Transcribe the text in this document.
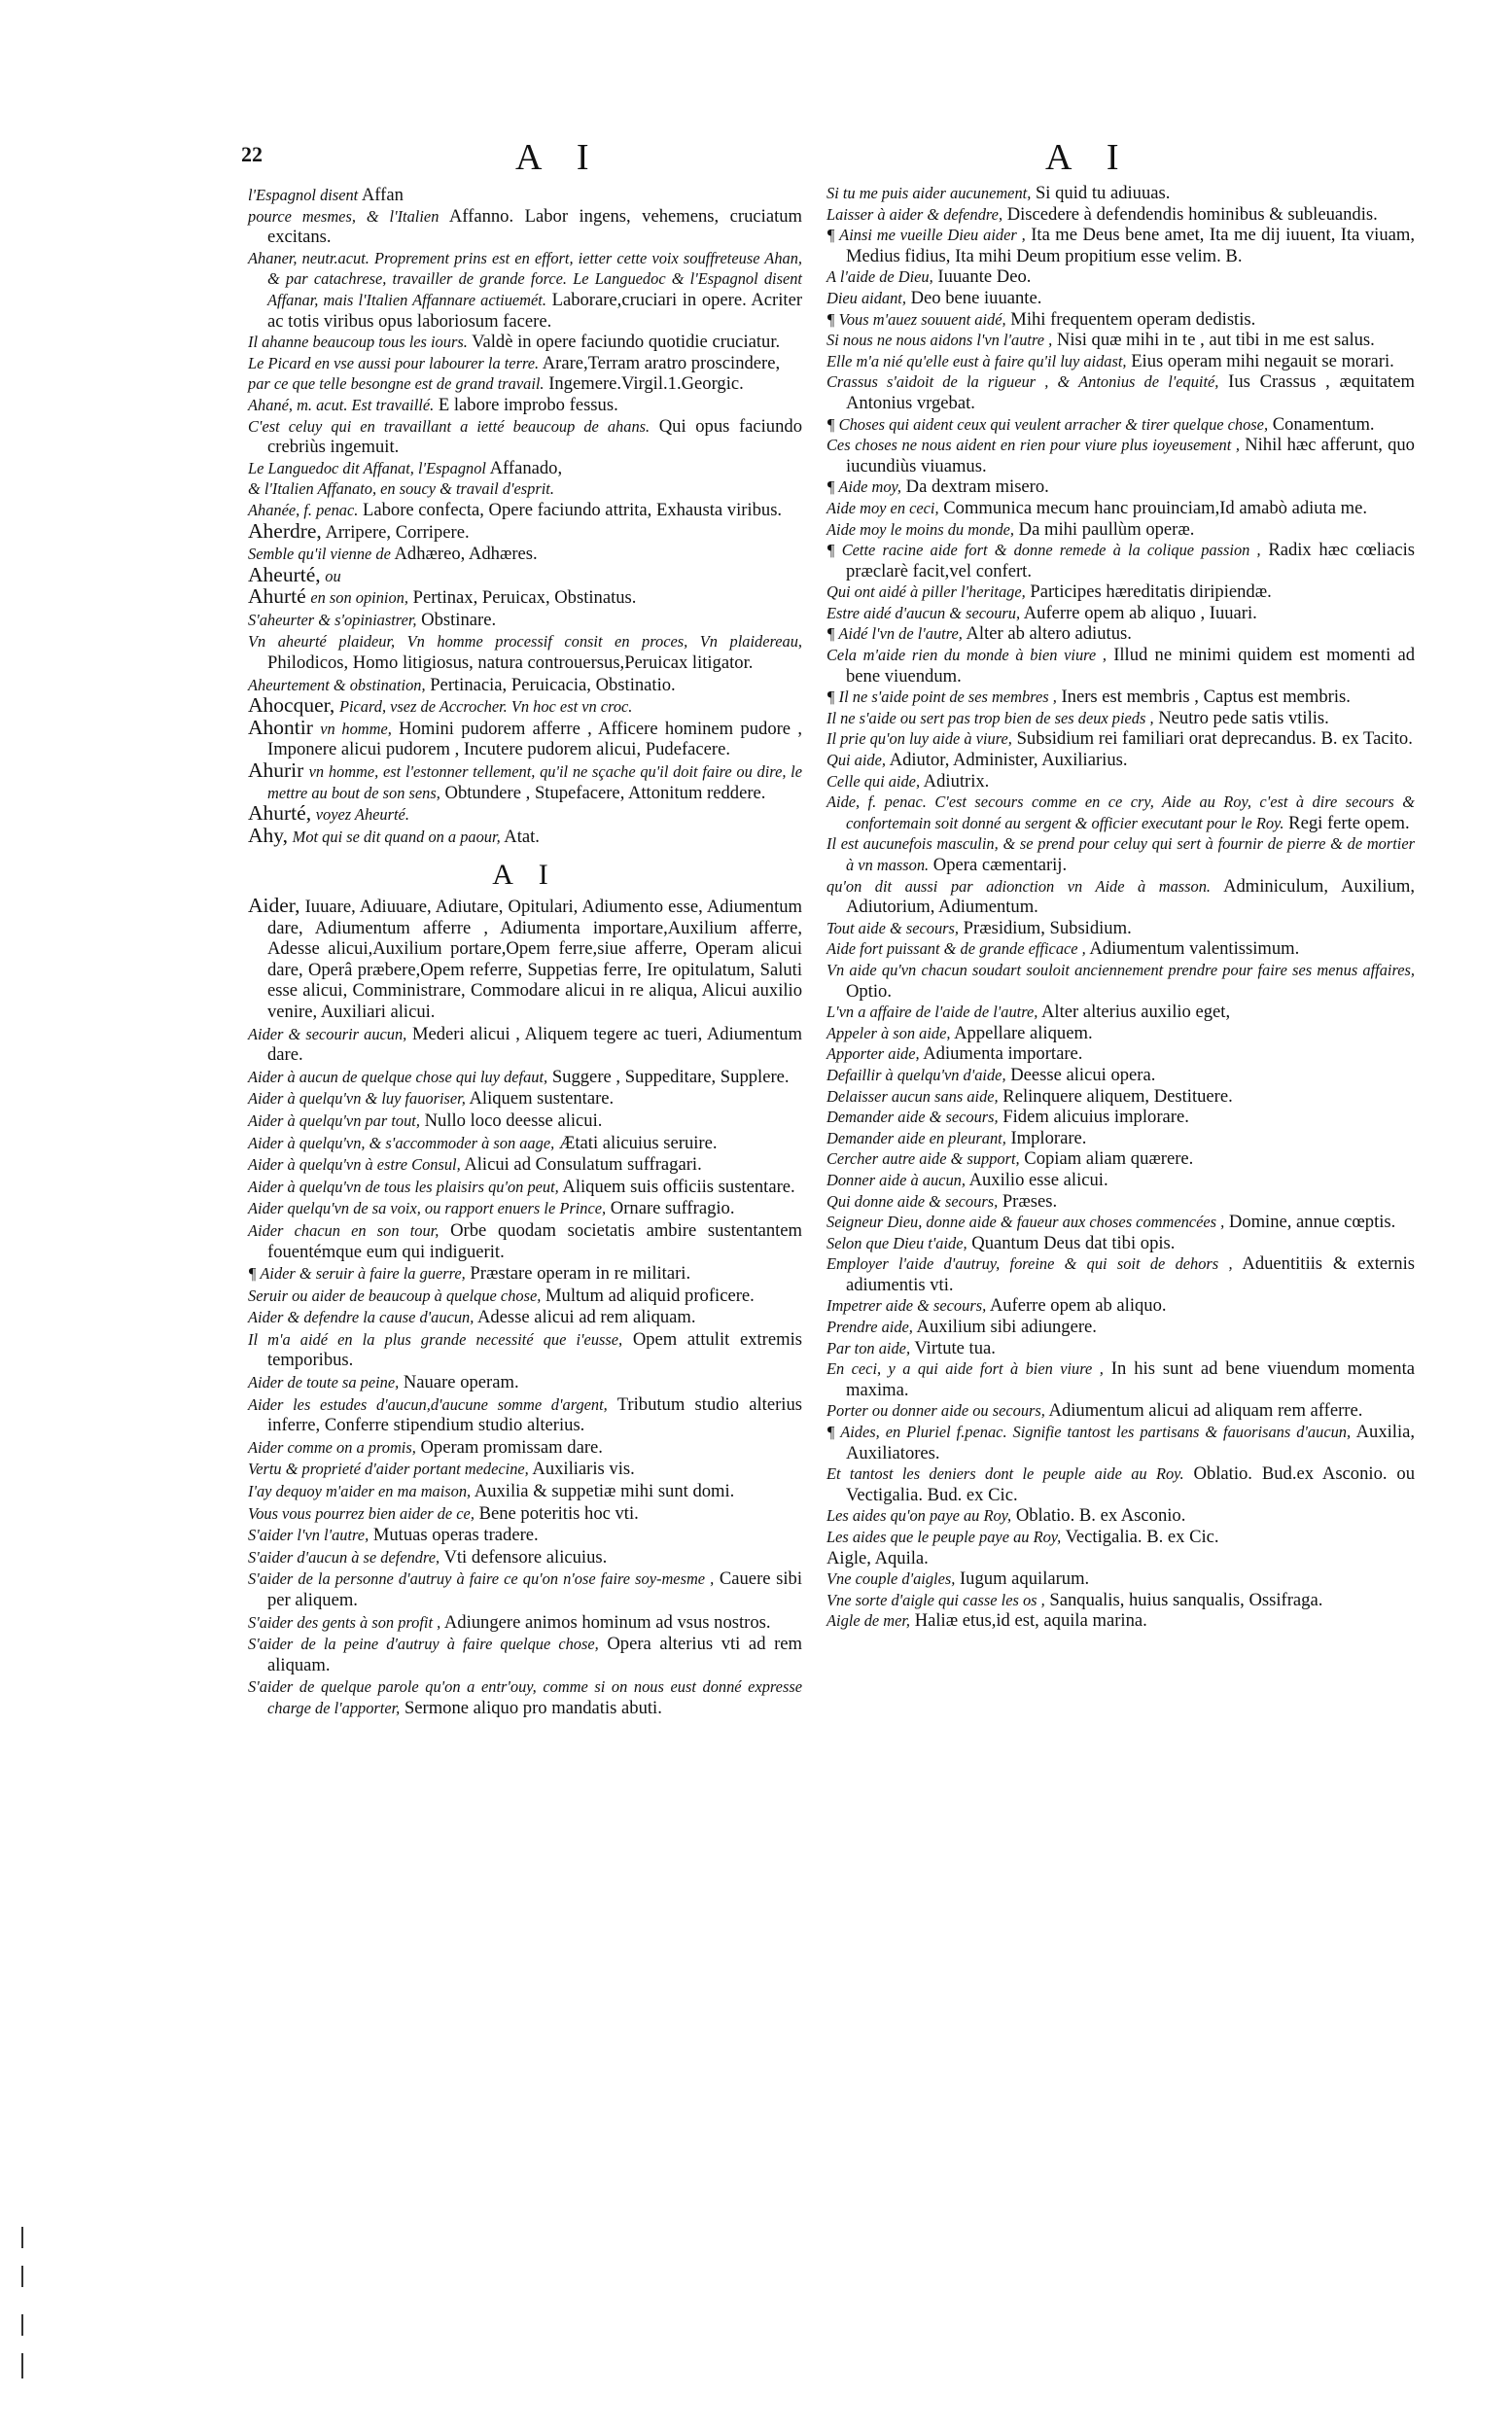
22	A I	A I

l'Espagnol disent Affan

pource mesmes, & l'Italien Affanno. Labor ingens, vehemens, cruciatum excitans.

Ahaner, neutr.acut. Proprement prins est en effort, ietter cette voix souffreteuse Ahan, & par catachrese, travailler de grande force. Le Languedoc & l'Espagnol disent Affanar, mais l'Italien Affannare actiuemét. Laborare,cruciari in opere. Acriter ac totis viribus opus laboriosum facere.

Il ahanne beaucoup tous les iours. Valdè in opere faciundo quotidie cruciatur.

Le Picard en vse aussi pour labourer la terre. Arare,Terram aratro proscindere,

par ce que telle besongne est de grand travail. Ingemere.Virgil.1.Georgic.

Ahané, m. acut. Est travaillé. E labore improbo fessus.

C'est celuy qui en travaillant a ietté beaucoup de ahans. Qui opus faciundo crebriùs ingemuit.

Le Languedoc dit Affanat, l'Espagnol Affanado,

& l'Italien Affanato, en soucy & travail d'esprit.

Ahanée, f. penac. Labore confecta, Opere faciundo attrita, Exhausta viribus.

Aherdre, Arripere, Corripere.

Semble qu'il vienne de Adhæreo, Adhæres.

Aheurté, ou

Ahurté en son opinion, Pertinax, Peruicax, Obstinatus.

S'aheurter & s'opiniastrer, Obstinare.

Vn aheurté plaideur, Vn homme processif consit en proces, Vn plaidereau, Philodicos, Homo litigiosus, natura controuersus,Peruicax litigator.

Aheurtement & obstination, Pertinacia, Peruicacia, Obstinatio.

Ahocquer, Picard, vsez de Accrocher. Vn hoc est vn croc.

Ahontir vn homme, Homini pudorem afferre , Afficere hominem pudore , Imponere alicui pudorem , Incutere pudorem alicui, Pudefacere.

Ahurir vn homme, est l'estonner tellement, qu'il ne sçache qu'il doit faire ou dire, le mettre au bout de son sens, Obtundere , Stupefacere, Attonitum reddere.

Ahurté, voyez Aheurté.

Ahy, Mot qui se dit quand on a paour, Atat.

A I

Aider, Iuuare, Adiuuare, Adiutare, Opitulari, Adiumento esse, Adiumentum dare, Adiumentum afferre , Adiumenta importare,Auxilium afferre, Adesse alicui,Auxilium portare,Opem ferre,siue afferre, Operam alicui dare, Operâ præbere,Opem referre, Suppetias ferre, Ire opitulatum, Saluti esse alicui, Comministrare, Commodare alicui in re aliqua, Alicui auxilio venire, Auxiliari alicui.

Aider & secourir aucun, Mederi alicui , Aliquem tegere ac tueri, Adiumentum dare.

Aider à aucun de quelque chose qui luy defaut, Suggere , Suppeditare, Supplere.

Aider à quelqu'vn & luy fauoriser, Aliquem sustentare.

Aider à quelqu'vn par tout, Nullo loco deesse alicui.

Aider à quelqu'vn, & s'accommoder à son aage, Ætati alicuius seruire.

Aider à quelqu'vn à estre Consul, Alicui ad Consulatum suffragari.

Aider à quelqu'vn de tous les plaisirs qu'on peut, Aliquem suis officiis sustentare.

Aider quelqu'vn de sa voix, ou rapport enuers le Prince, Ornare suffragio.

Aider chacun en son tour, Orbe quodam societatis ambire sustentantem fouentémque eum qui indiguerit.

¶ Aider & seruir à faire la guerre, Præstare operam in re militari.

Seruir ou aider de beaucoup à quelque chose, Multum ad aliquid proficere.

Aider & defendre la cause d'aucun, Adesse alicui ad rem aliquam.

Il m'a aidé en la plus grande necessité que i'eusse, Opem attulit extremis temporibus.

Aider de toute sa peine, Nauare operam.

Aider les estudes d'aucun,d'aucune somme d'argent, Tributum studio alterius inferre, Conferre stipendium studio alterius.

Aider comme on a promis, Operam promissam dare.

Vertu & proprieté d'aider portant medecine, Auxiliaris vis.

I'ay dequoy m'aider en ma maison, Auxilia & suppetiæ mihi sunt domi.

Vous vous pourrez bien aider de ce, Bene poteritis hoc vti.

S'aider l'vn l'autre, Mutuas operas tradere.

S'aider d'aucun à se defendre, Vti defensore alicuius.

S'aider de la personne d'autruy à faire ce qu'on n'ose faire soy-mesme , Cauere sibi per aliquem.

S'aider des gents à son profit , Adiungere animos hominum ad vsus nostros.

S'aider de la peine d'autruy à faire quelque chose, Opera alterius vti ad rem aliquam.

S'aider de quelque parole qu'on a entr'ouy, comme si on nous eust donné expresse charge de l'apporter, Sermone aliquo pro mandatis abuti.

Si tu me puis aider aucunement, Si quid tu adiuuas.

Laisser à aider & defendre, Discedere à defendendis hominibus & subleuandis.

¶ Ainsi me vueille Dieu aider , Ita me Deus bene amet, Ita me dij iuuent, Ita viuam, Medius fidius, Ita mihi Deum propitium esse velim. B.

A l'aide de Dieu, Iuuante Deo.

Dieu aidant, Deo bene iuuante.

¶ Vous m'auez souuent aidé, Mihi frequentem operam dedistis.

Si nous ne nous aidons l'vn l'autre , Nisi quæ mihi in te , aut tibi in me est salus.

Elle m'a nié qu'elle eust à faire qu'il luy aidast, Eius operam mihi negauit se morari.

Crassus s'aidoit de la rigueur , & Antonius de l'equité, Ius Crassus , æquitatem Antonius vrgebat.

¶ Choses qui aident ceux qui veulent arracher & tirer quelque chose, Conamentum.

Ces choses ne nous aident en rien pour viure plus ioyeusement , Nihil hæc afferunt, quo iucundiùs viuamus.

¶ Aide moy, Da dextram misero.

Aide moy en ceci, Communica mecum hanc prouinciam,Id amabò adiuta me.

Aide moy le moins du monde, Da mihi paullùm operæ.

¶ Cette racine aide fort & donne remede à la colique passion , Radix hæc cœliacis præclarè facit,vel confert.

Qui ont aidé à piller l'heritage, Participes hæreditatis diripiendæ.

Estre aidé d'aucun & secouru, Auferre opem ab aliquo , Iuuari.

¶ Aidé l'vn de l'autre, Alter ab altero adiutus.

Cela m'aide rien du monde à bien viure , Illud ne minimi quidem est momenti ad bene viuendum.

¶ Il ne s'aide point de ses membres , Iners est membris , Captus est membris.

Il ne s'aide ou sert pas trop bien de ses deux pieds , Neutro pede satis vtilis.

Il prie qu'on luy aide à viure, Subsidium rei familiari orat deprecandus. B. ex Tacito.

Qui aide, Adiutor, Administer, Auxiliarius.

Celle qui aide, Adiutrix.

Aide, f. penac. C'est secours comme en ce cry, Aide au Roy, c'est à dire secours & confortemain soit donné au sergent & officier executant pour le Roy. Regi ferte opem.

Il est aucunefois masculin, & se prend pour celuy qui sert à fournir de pierre & de mortier à vn masson. Opera cæmentarij.

qu'on dit aussi par adionction vn Aide à masson. Adminiculum, Auxilium, Adiutorium, Adiumentum.

Tout aide & secours, Præsidium, Subsidium.

Aide fort puissant & de grande efficace , Adiumentum valentissimum.

Vn aide qu'vn chacun soudart souloit anciennement prendre pour faire ses menus affaires, Optio.

L'vn a affaire de l'aide de l'autre, Alter alterius auxilio eget,

Appeler à son aide, Appellare aliquem.

Apporter aide, Adiumenta importare.

Defaillir à quelqu'vn d'aide, Deesse alicui opera.

Delaisser aucun sans aide, Relinquere aliquem, Destituere.

Demander aide & secours, Fidem alicuius implorare.

Demander aide en pleurant, Implorare.

Cercher autre aide & support, Copiam aliam quærere.

Donner aide à aucun, Auxilio esse alicui.

Qui donne aide & secours, Præses.

Seigneur Dieu, donne aide & faueur aux choses commencées , Domine, annue cœptis.

Selon que Dieu t'aide, Quantum Deus dat tibi opis.

Employer l'aide d'autruy, foreine & qui soit de dehors , Aduentitiis & externis adiumentis vti.

Impetrer aide & secours, Auferre opem ab aliquo.

Prendre aide, Auxilium sibi adiungere.

Par ton aide, Virtute tua.

En ceci, y a qui aide fort à bien viure , In his sunt ad bene viuendum momenta maxima.

Porter ou donner aide ou secours, Adiumentum alicui ad aliquam rem afferre.

¶ Aides, en Pluriel f.penac. Signifie tantost les partisans & fauorisans d'aucun, Auxilia, Auxiliatores.

Et tantost les deniers dont le peuple aide au Roy. Oblatio. Bud.ex Asconio. ou Vectigalia. Bud. ex Cic.

Les aides qu'on paye au Roy, Oblatio. B. ex Asconio.

Les aides que le peuple paye au Roy, Vectigalia. B. ex Cic.

Aigle, Aquila.

Vne couple d'aigles, Iugum aquilarum.

Vne sorte d'aigle qui casse les os , Sanqualis, huius sanqualis, Ossifraga.

Aigle de mer, Haliæ etus,id est, aquila marina.
